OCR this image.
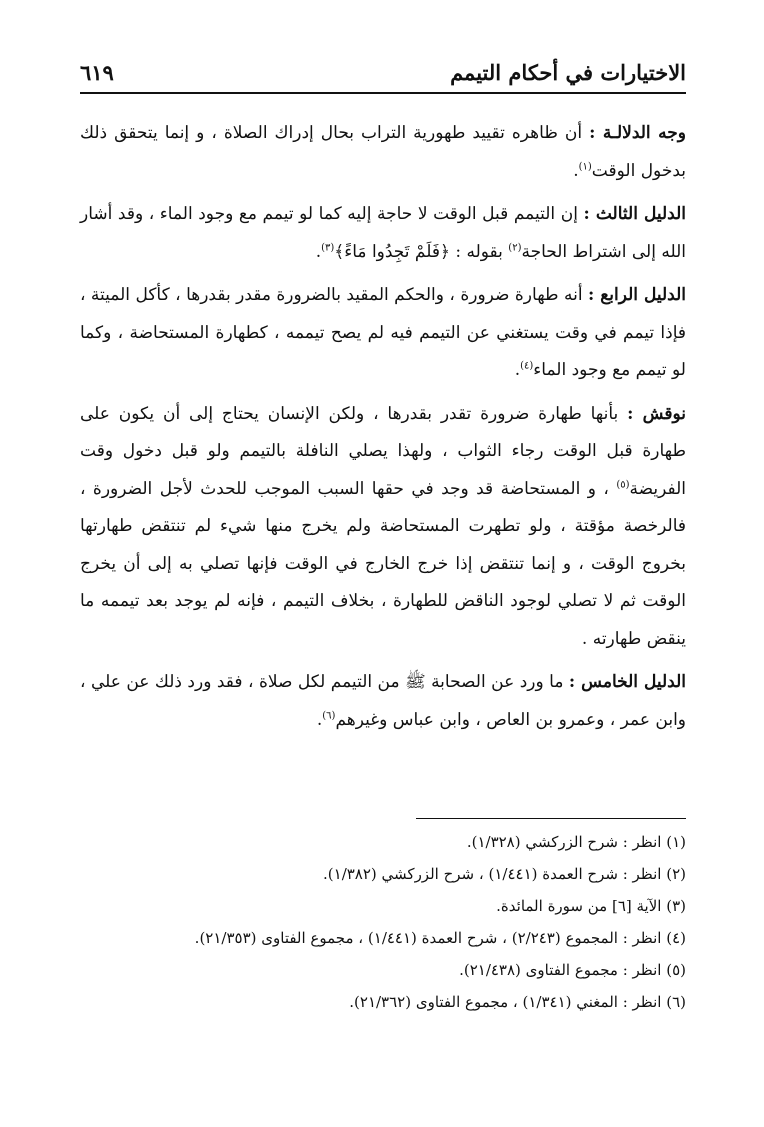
الاختيارات في أحكام التيمم
٦١٩

وجه الدلالـة : أن ظاهره تقييد طهورية التراب بحال إدراك الصلاة ، و إنما يتحقق ذلك بدخول الوقت$^{(١)}$.

الدليل الثالث : إن التيمم قبل الوقت لا حاجة إليه كما لو تيمم مع وجود الماء ، وقد أشار الله إلى اشتراط الحاجة$^{(٢)}$ بقوله : ﴿فَلَمْ تَجِدُوا مَاءً﴾$^{(٣)}$.

الدليل الرابع : أنه طهارة ضرورة ، والحكم المقيد بالضرورة مقدر بقدرها ، كأكل الميتة ، فإذا تيمم في وقت يستغني عن التيمم فيه لم يصح تيممه ، كطهارة المستحاضة ، وكما لو تيمم مع وجود الماء$^{(٤)}$.

نوقش : بأنها طهارة ضرورة تقدر بقدرها ، ولكن الإنسان يحتاج إلى أن يكون على طهارة قبل الوقت رجاء الثواب ، ولهذا يصلي النافلة بالتيمم ولو قبل دخول وقت الفريضة$^{(٥)}$ ، و المستحاضة قد وجد في حقها السبب الموجب للحدث لأجل الضرورة ، فالرخصة مؤقتة ، ولو تطهرت المستحاضة ولم يخرج منها شيء لم تنتقض طهارتها بخروج الوقت ، و إنما تنتقض إذا خرج الخارج في الوقت فإنها تصلي به إلى أن يخرج الوقت ثم لا تصلي لوجود الناقض للطهارة ، بخلاف التيمم ، فإنه لم يوجد بعد تيممه ما ينقض طهارته .

الدليل الخامس : ما ورد عن الصحابة ﷺ من التيمم لكل صلاة ، فقد ورد ذلك عن علي ، وابن عمر ، وعمرو بن العاص ، وابن عباس وغيرهم$^{(٦)}$.

(١) انظر : شرح الزركشي (١/٣٢٨).

(٢) انظر : شرح العمدة (١/٤٤١) ، شرح الزركشي (١/٣٨٢).

(٣) الآية [٦] من سورة المائدة.

(٤) انظر : المجموع (٢/٢٤٣) ، شرح العمدة (١/٤٤١) ، مجموع الفتاوى (٢١/٣٥٣).

(٥) انظر : مجموع الفتاوى (٢١/٤٣٨).

(٦) انظر : المغني (١/٣٤١) ، مجموع الفتاوى (٢١/٣٦٢).
